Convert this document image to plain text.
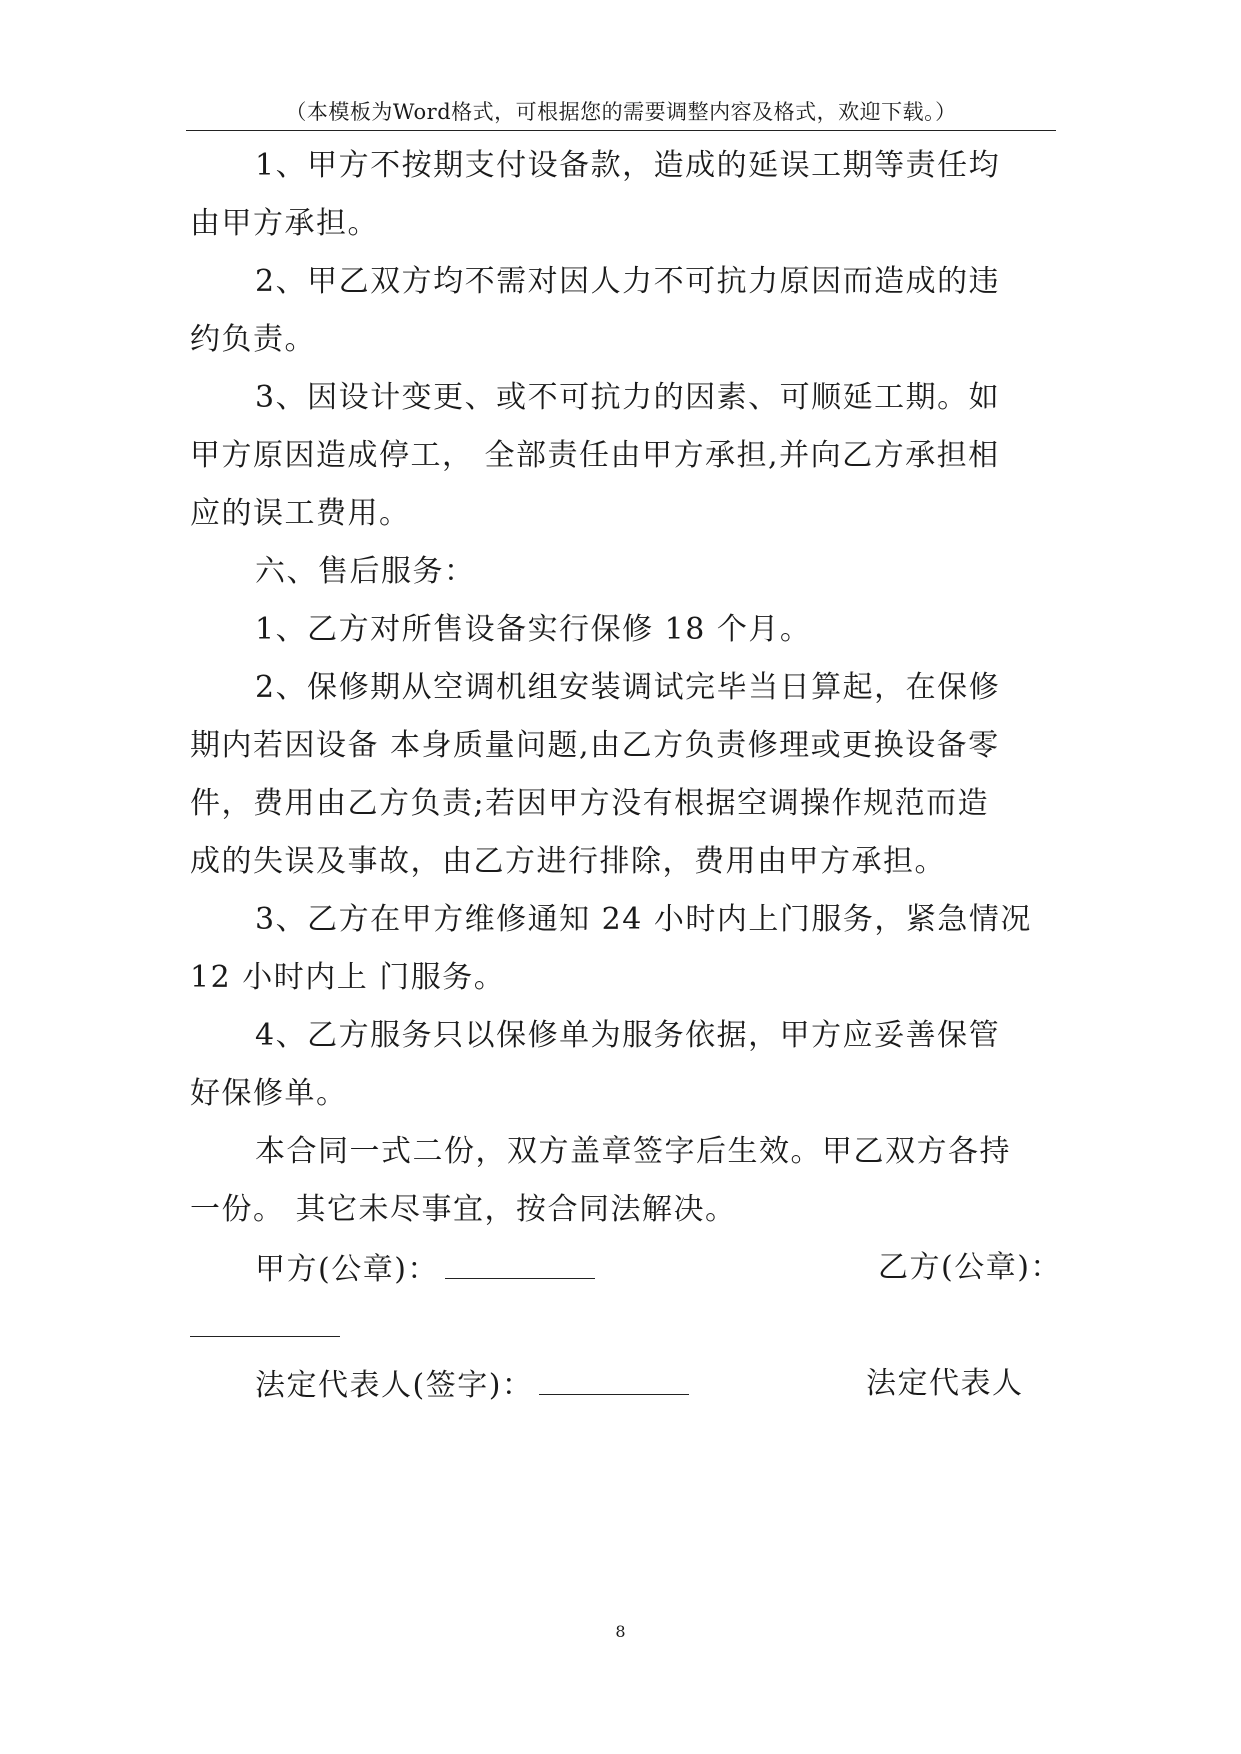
（本模板为Word格式，可根据您的需要调整内容及格式，欢迎下载。）
1、甲方不按期支付设备款，造成的延误工期等责任均
由甲方承担。
2、甲乙双方均不需对因人力不可抗力原因而造成的违
约负责。
3、因设计变更、或不可抗力的因素、可顺延工期。如
甲方原因造成停工， 全部责任由甲方承担,并向乙方承担相
应的误工费用。
六、售后服务：
1、乙方对所售设备实行保修 18 个月。
2、保修期从空调机组安装调试完毕当日算起，在保修
期内若因设备 本身质量问题,由乙方负责修理或更换设备零
件，费用由乙方负责;若因甲方没有根据空调操作规范而造
成的失误及事故，由乙方进行排除，费用由甲方承担。
3、乙方在甲方维修通知 24 小时内上门服务，紧急情况
12 小时内上 门服务。
4、乙方服务只以保修单为服务依据，甲方应妥善保管
好保修单。
本合同一式二份，双方盖章签字后生效。甲乙双方各持
一份。 其它未尽事宜，按合同法解决。
甲方(公章)：	乙方(公章)：
法定代表人(签字)：	法定代表人
8
